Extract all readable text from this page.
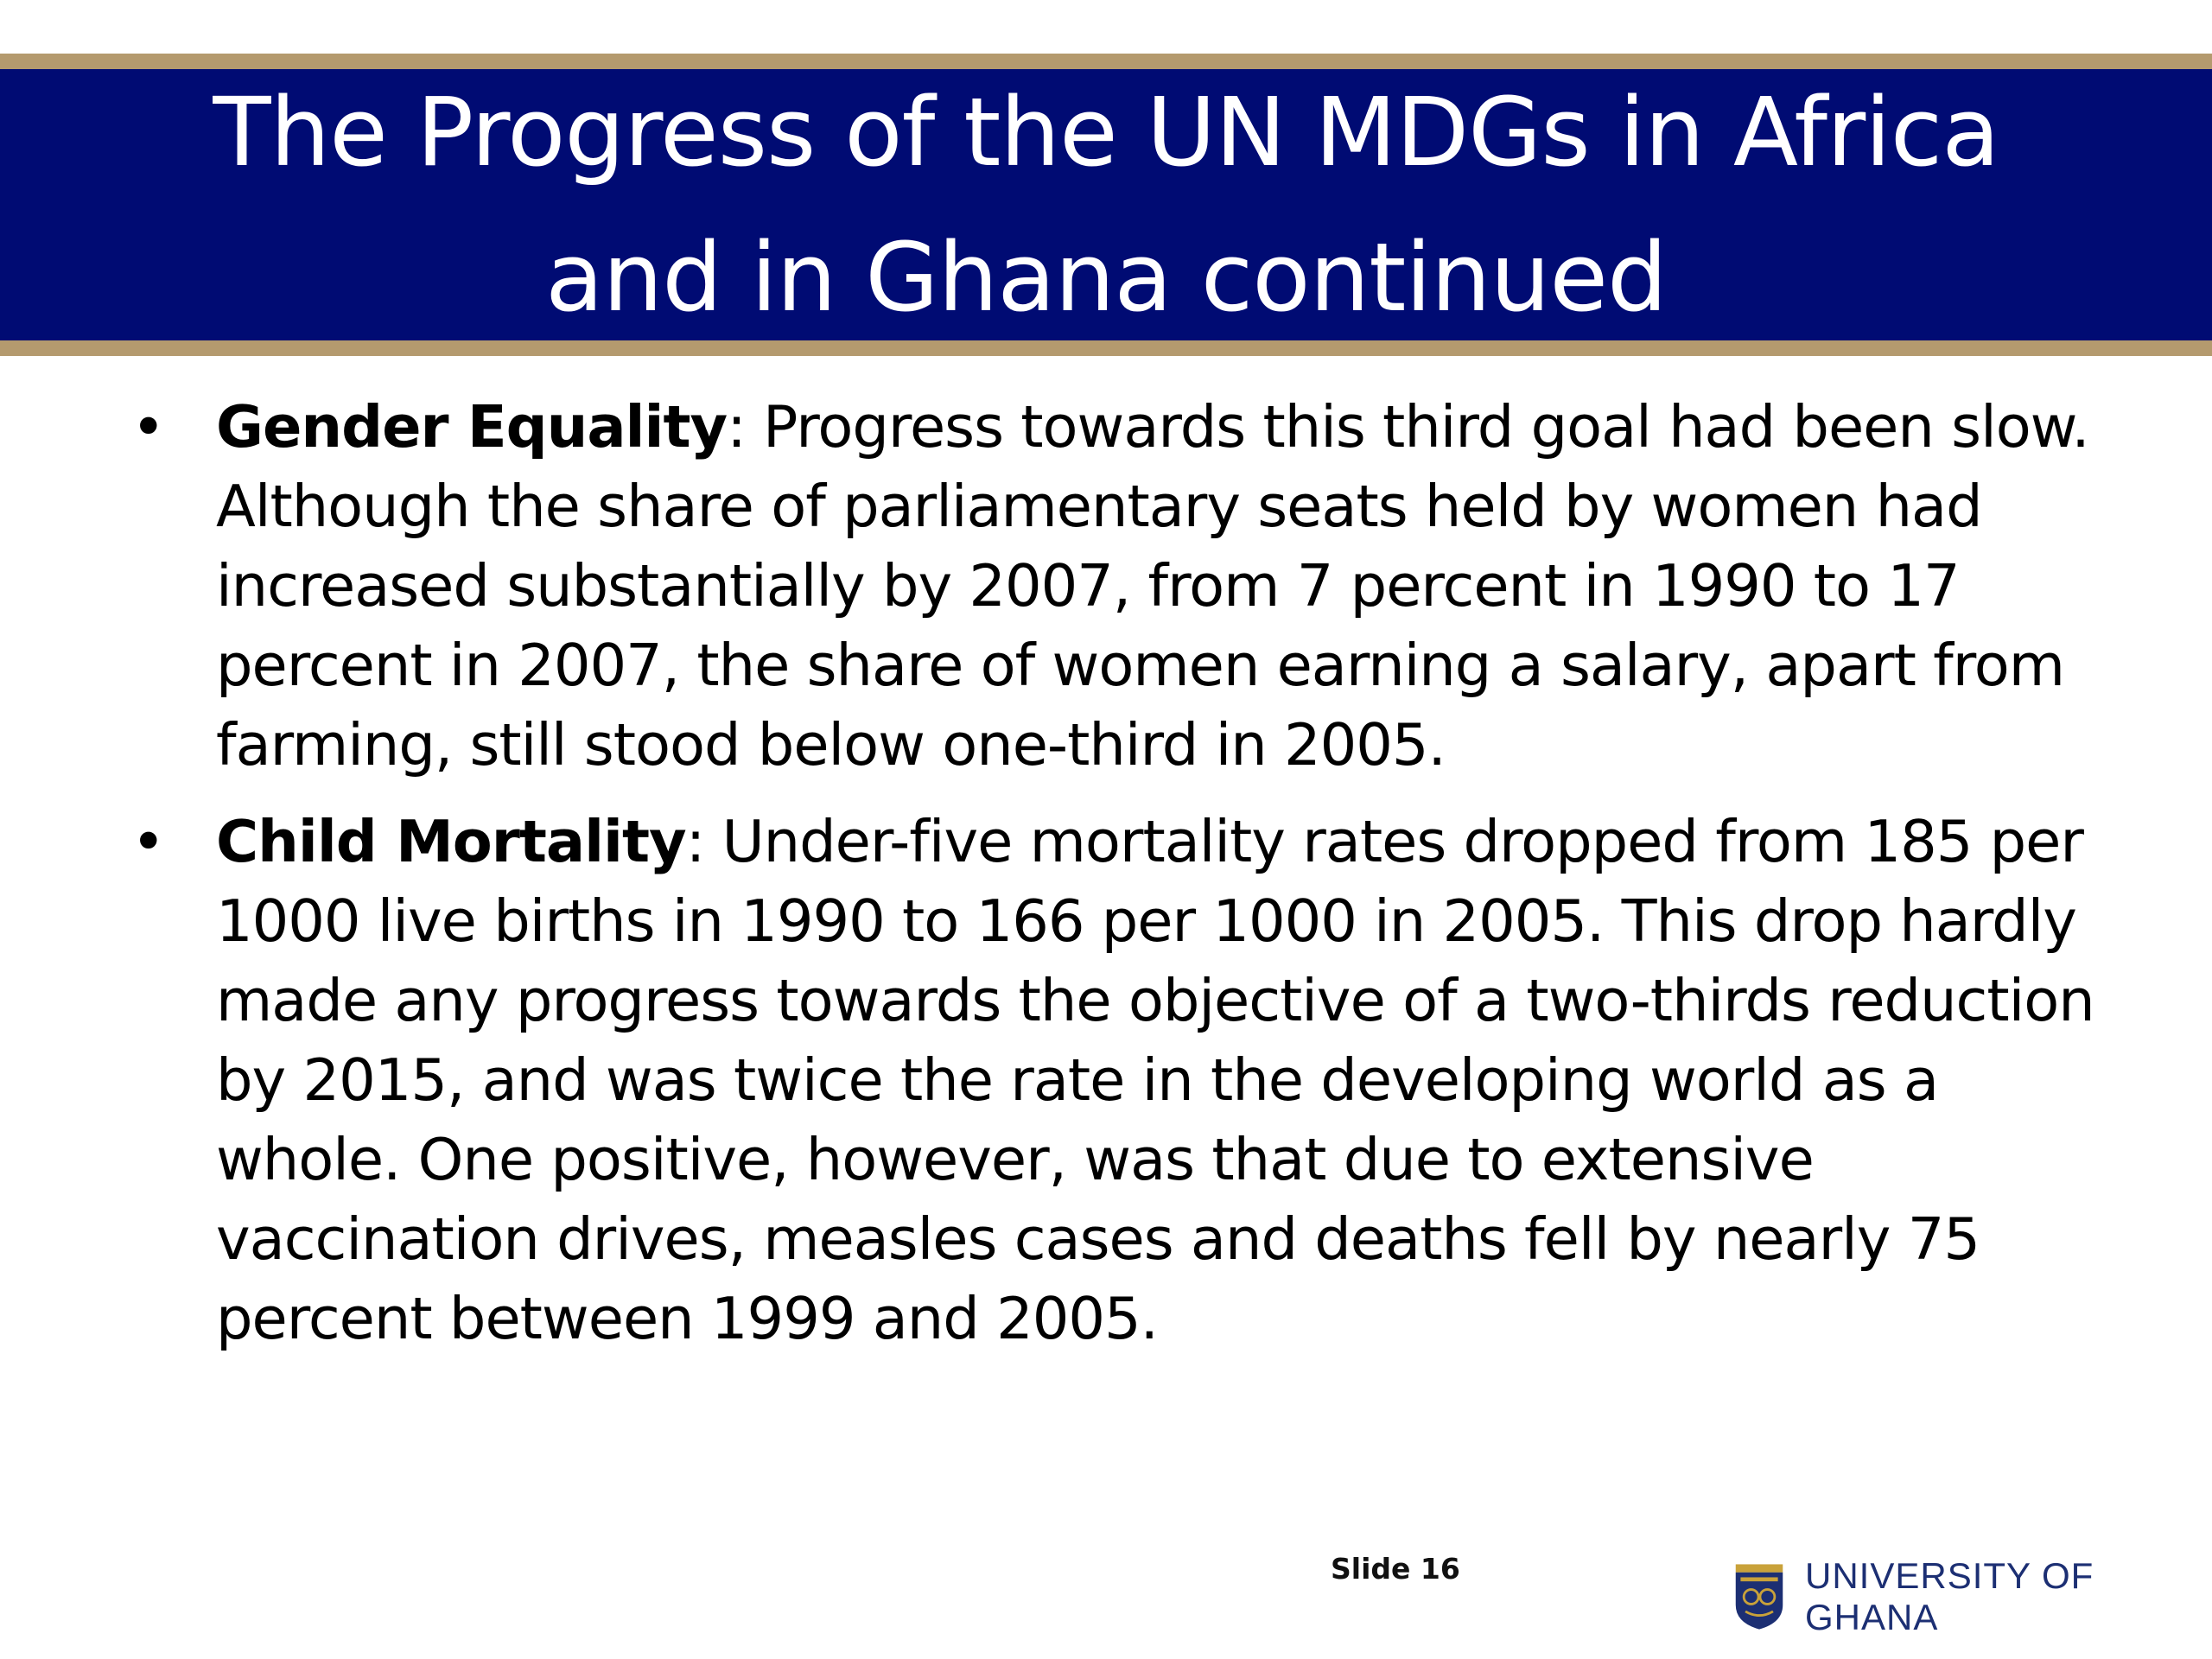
The Progress of the UN MDGs in Africa
and in Ghana continued
• Gender Equality: Progress towards this third goal had been slow. Although the share of parliamentary seats held by women had increased substantially by 2007, from 7 percent in 1990 to 17 percent in 2007, the share of women earning a salary, apart from farming, still stood below one-third in 2005.
• Child Mortality: Under-five mortality rates dropped from 185 per 1000 live births in 1990 to 166 per 1000 in 2005. This drop hardly made any progress towards the objective of a two-thirds reduction by 2015, and was twice the rate in the developing world as a whole. One positive, however, was that due to extensive vaccination drives, measles cases and deaths fell by nearly 75 percent between 1999 and 2005.
Slide 16	UNIVERSITY OF GHANA
